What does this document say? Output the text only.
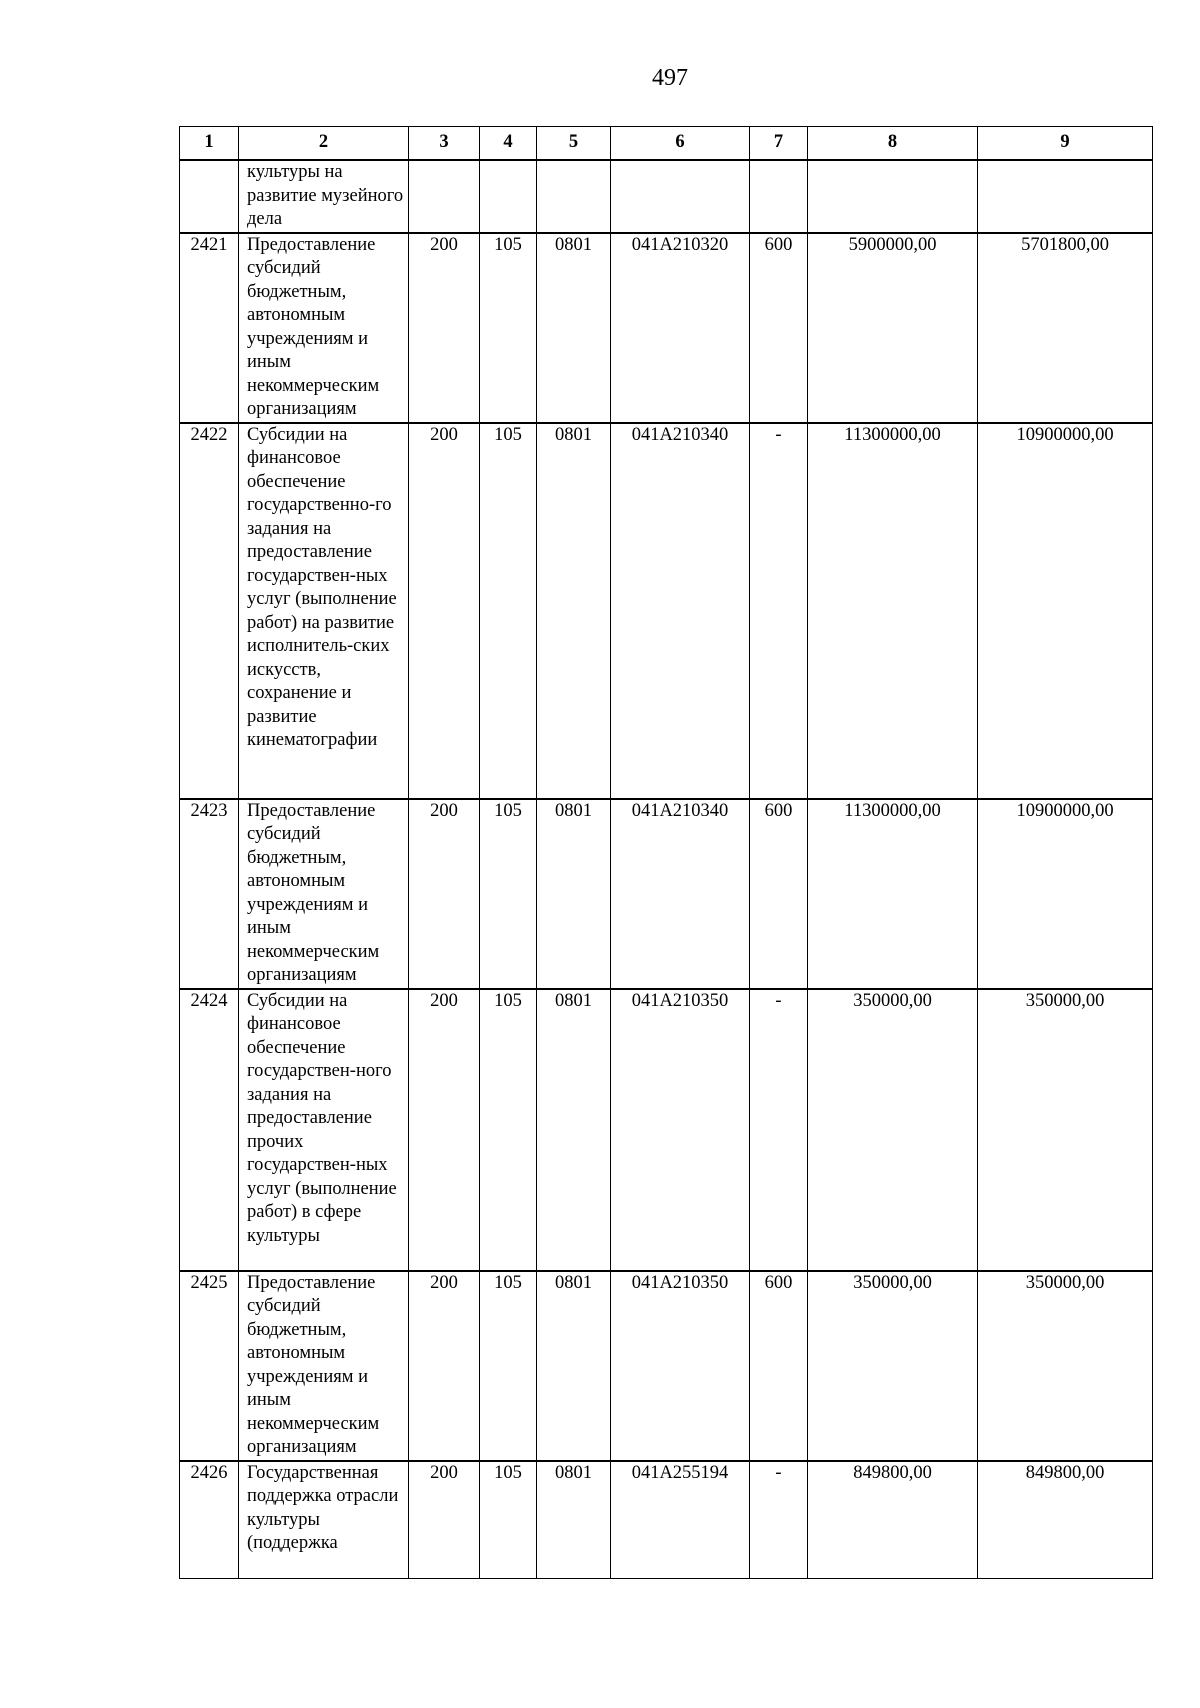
497
1	2	3	4	5	6	7	8	9
	культуры на развитие музейного дела							
2421	Предоставление субсидий бюджетным, автономным учреждениям и иным некоммерческим организациям	200	105	0801	041A210320	600	5900000,00	5701800,00
2422	Субсидии на финансовое обеспечение государственно-го задания на предоставление государствен-ных услуг (выполнение работ) на развитие исполнитель-ских искусств, сохранение и развитие кинематографии	200	105	0801	041A210340	-	11300000,00	10900000,00
2423	Предоставление субсидий бюджетным, автономным учреждениям и иным некоммерческим организациям	200	105	0801	041A210340	600	11300000,00	10900000,00
2424	Субсидии на финансовое обеспечение государствен-ного задания на предоставление прочих государствен-ных услуг (выполнение работ) в сфере культуры	200	105	0801	041A210350	-	350000,00	350000,00
2425	Предоставление субсидий бюджетным, автономным учреждениям и иным некоммерческим организациям	200	105	0801	041A210350	600	350000,00	350000,00
2426	Государственная поддержка отрасли культуры (поддержка	200	105	0801	041A255194	-	849800,00	849800,00
